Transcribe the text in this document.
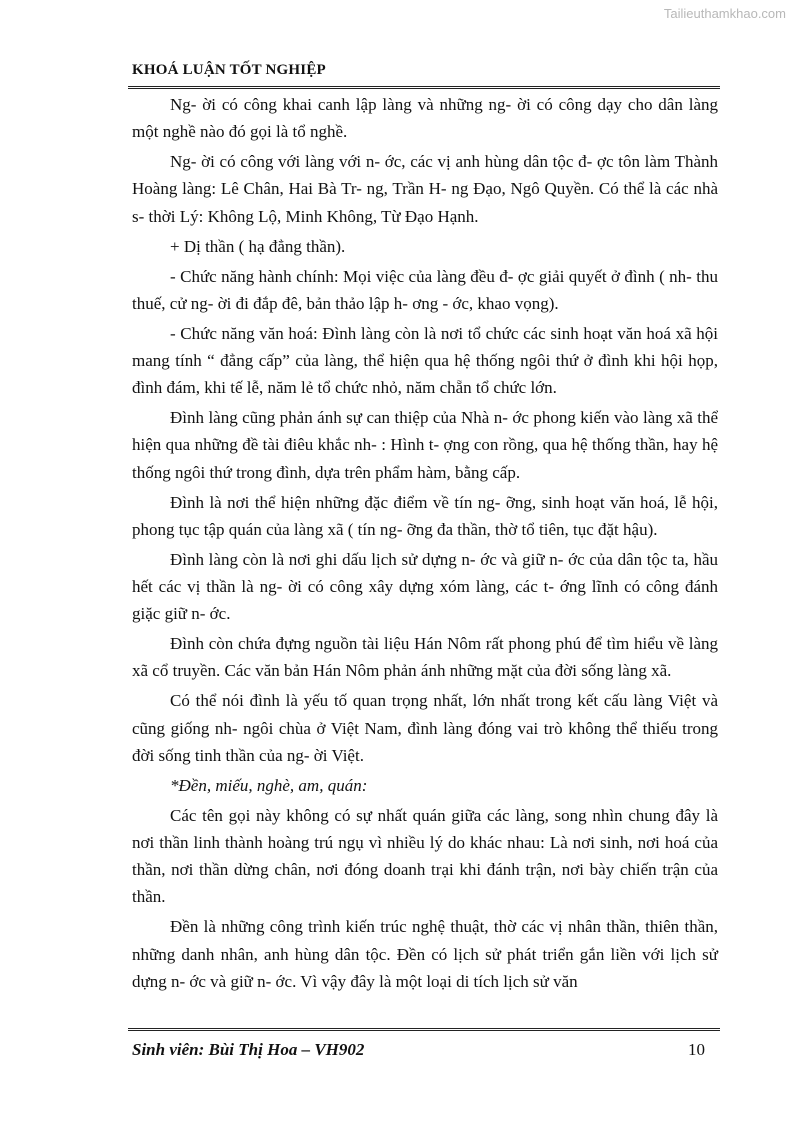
Tailieuthamkhao.com
KHOÁ LUẬN TỐT NGHIỆP

Ng- ời có công khai canh lập làng và những ng- ời có công dạy cho dân làng một nghề nào đó gọi là tổ nghề.

Ng- ời có công với làng với n- ớc, các vị anh hùng dân tộc đ- ợc tôn làm Thành Hoàng làng: Lê Chân, Hai Bà Tr- ng, Trần H- ng Đạo, Ngô Quyền. Có thể là các nhà s- thời Lý: Không Lộ, Minh Không, Từ Đạo Hạnh.

+ Dị thần ( hạ đẳng thần).

- Chức năng hành chính: Mọi việc của làng đều đ- ợc giải quyết ở đình ( nh- thu thuế, cử ng- ời đi đắp đê, bản thảo lập h- ơng - ớc, khao vọng).

- Chức năng văn hoá: Đình làng còn là nơi tổ chức các sinh hoạt văn hoá xã hội mang tính “ đẳng cấp” của làng, thể hiện qua hệ thống ngôi thứ ở đình khi hội họp, đình đám, khi tế lễ, năm lẻ tổ chức nhỏ, năm chẵn tổ chức lớn.

Đình làng cũng phản ánh sự can thiệp của Nhà n- ớc phong kiến vào làng xã thể hiện qua những đề tài điêu khắc nh- : Hình t- ợng con rồng, qua hệ thống thần, hay hệ thống ngôi thứ trong đình, dựa trên phẩm hàm, bằng cấp.

Đình là nơi thể hiện những đặc điểm về tín ng- ỡng, sinh hoạt văn hoá, lễ hội, phong tục tập quán của làng xã ( tín ng- ỡng đa thần, thờ tổ tiên, tục đặt hậu).

Đình làng còn là nơi ghi dấu lịch sử dựng n- ớc và giữ n- ớc của dân tộc ta, hầu hết các vị thần là ng- ời có công xây dựng xóm làng, các t- ớng lĩnh có công đánh giặc giữ n- ớc.

Đình còn chứa đựng nguồn tài liệu Hán Nôm rất phong phú để tìm hiểu về làng xã cổ truyền. Các văn bản Hán Nôm phản ánh những mặt của đời sống làng xã.

Có thể nói đình là yếu tố quan trọng nhất, lớn nhất trong kết cấu làng Việt và cũng giống nh- ngôi chùa ở Việt Nam, đình làng đóng vai trò không thể thiếu trong đời sống tinh thần của ng- ời Việt.

*Đền, miếu, nghè, am, quán:

Các tên gọi này không có sự nhất quán giữa các làng, song nhìn chung đây là nơi thần linh thành hoàng trú ngụ vì nhiều lý do khác nhau: Là nơi sinh, nơi hoá của thần, nơi thần dừng chân, nơi đóng doanh trại khi đánh trận, nơi bày chiến trận của thần.

Đền là những công trình kiến trúc nghệ thuật, thờ các vị nhân thần, thiên thần, những danh nhân, anh hùng dân tộc. Đền có lịch sử phát triển gắn liền với lịch sử dựng n- ớc và giữ n- ớc. Vì vậy đây là một loại di tích lịch sử văn

Sinh viên: Bùi Thị Hoa – VH902	10
